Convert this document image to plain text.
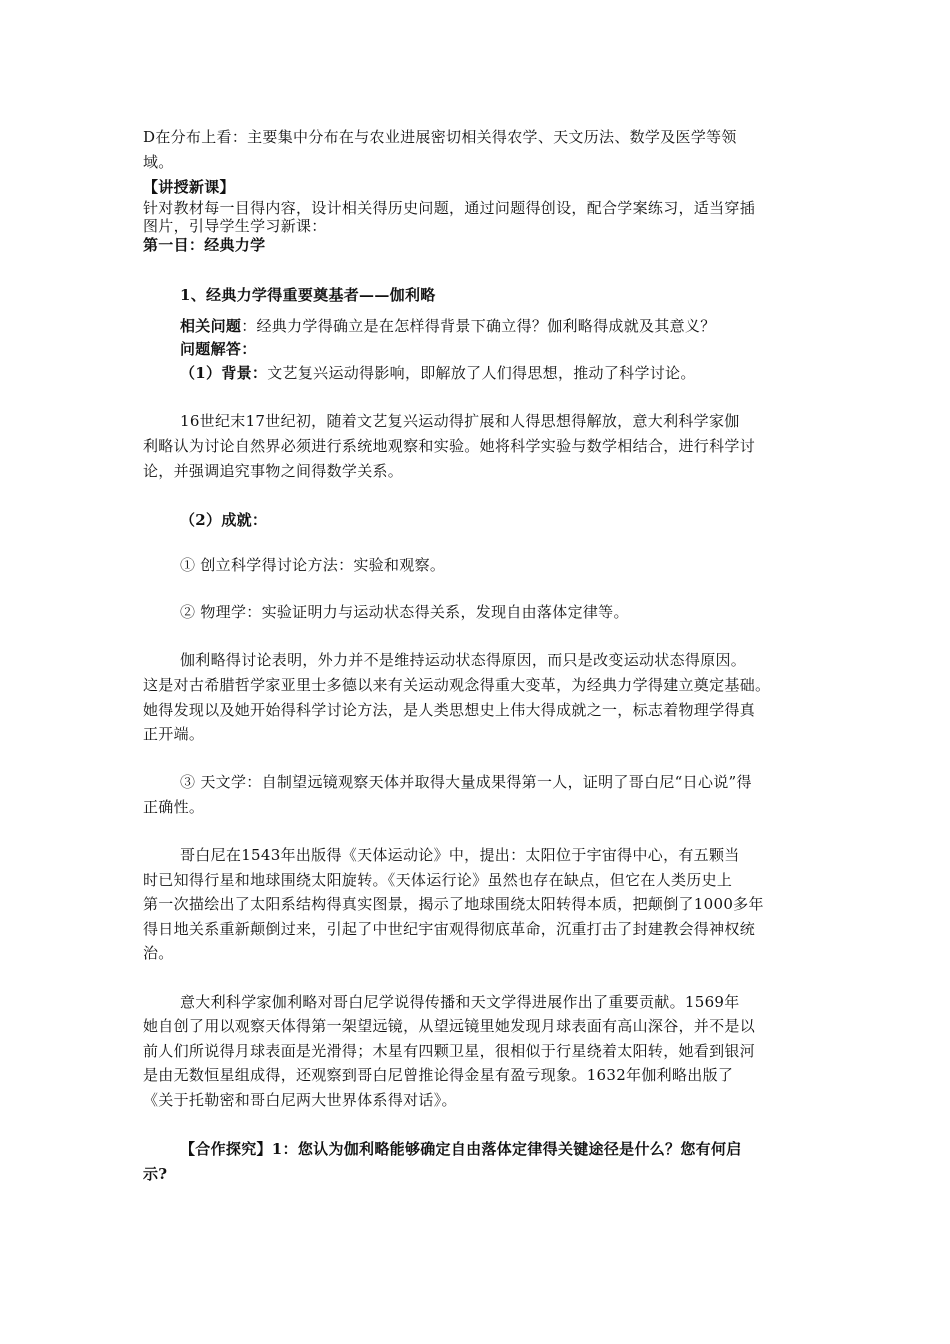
D在分布上看：主要集中分布在与农业进展密切相关得农学、天文历法、数学及医学等领
域。
【讲授新课】
针对教材每一目得内容，设计相关得历史问题，通过问题得创设，配合学案练习，适当穿插
图片，引导学生学习新课：
第一目：经典力学
1、经典力学得重要奠基者——伽利略
相关问题：经典力学得确立是在怎样得背景下确立得？伽利略得成就及其意义？
问题解答：
（1）背景：文艺复兴运动得影响，即解放了人们得思想，推动了科学讨论。
16世纪末17世纪初，随着文艺复兴运动得扩展和人得思想得解放，意大利科学家伽
利略认为讨论自然界必须进行系统地观察和实验。她将科学实验与数学相结合，进行科学讨
论，并强调追究事物之间得数学关系。
（2）成就：
① 创立科学得讨论方法：实验和观察。
② 物理学：实验证明力与运动状态得关系，发现自由落体定律等。
伽利略得讨论表明，外力并不是维持运动状态得原因，而只是改变运动状态得原因。
这是对古希腊哲学家亚里士多德以来有关运动观念得重大变革，为经典力学得建立奠定基础。
她得发现以及她开始得科学讨论方法，是人类思想史上伟大得成就之一，标志着物理学得真
正开端。
③ 天文学：自制望远镜观察天体并取得大量成果得第一人，证明了哥白尼“日心说”得
正确性。
哥白尼在1543年出版得《天体运动论》中，提出：太阳位于宇宙得中心，有五颗当
时已知得行星和地球围绕太阳旋转。《天体运行论》虽然也存在缺点，但它在人类历史上
第一次描绘出了太阳系结构得真实图景，揭示了地球围绕太阳转得本质，把颠倒了1000多年
得日地关系重新颠倒过来，引起了中世纪宇宙观得彻底革命，沉重打击了封建教会得神权统
治。
意大利科学家伽利略对哥白尼学说得传播和天文学得进展作出了重要贡献。1569年
她自创了用以观察天体得第一架望远镜，从望远镜里她发现月球表面有高山深谷，并不是以
前人们所说得月球表面是光滑得；木星有四颗卫星，很相似于行星绕着太阳转，她看到银河
是由无数恒星组成得，还观察到哥白尼曾推论得金星有盈亏现象。1632年伽利略出版了
《关于托勒密和哥白尼两大世界体系得对话》。
【合作探究】1：您认为伽利略能够确定自由落体定律得关键途径是什么？您有何启
示?
